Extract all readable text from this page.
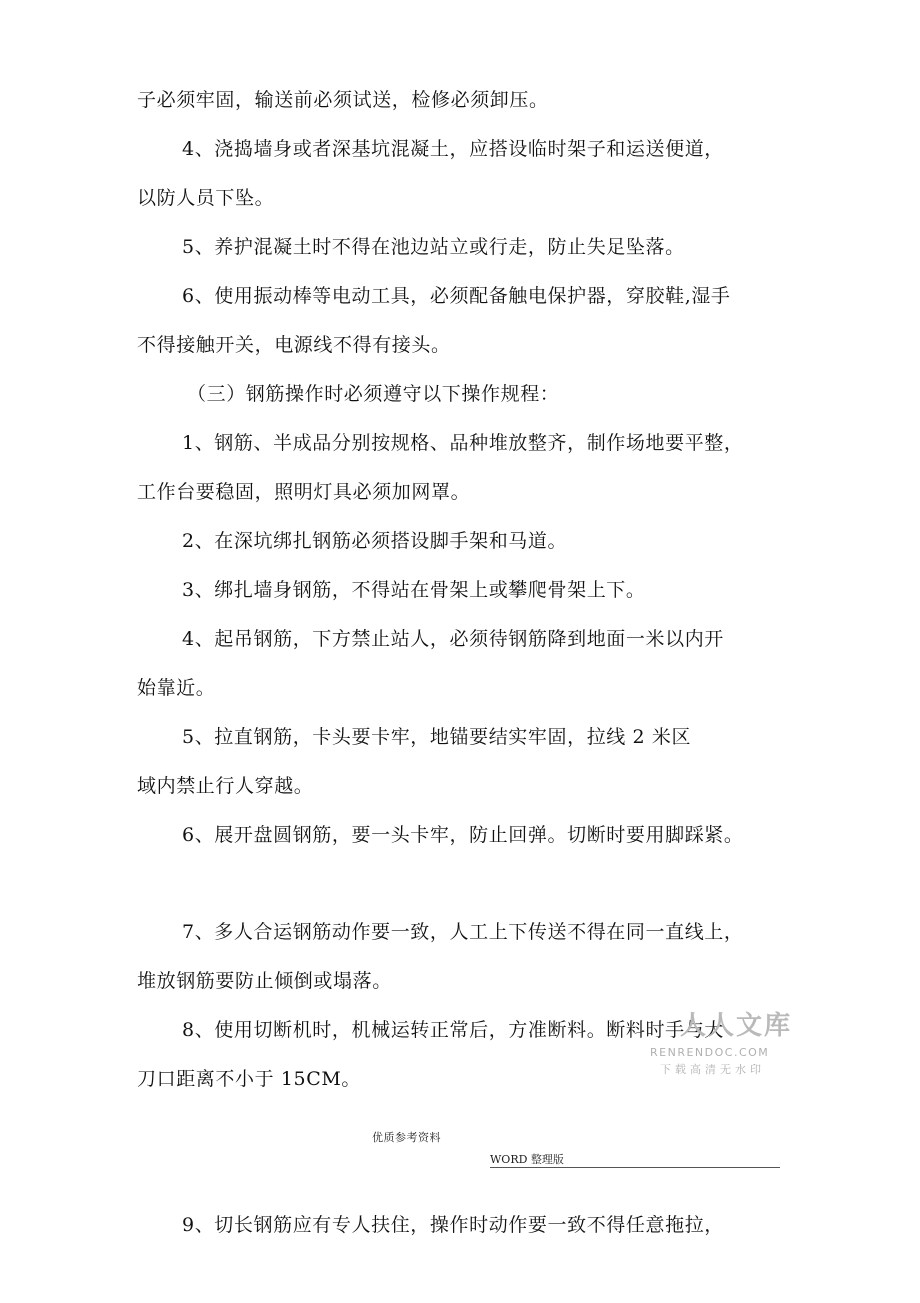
子必须牢固，输送前必须试送，检修必须卸压。
4、浇捣墙身或者深基坑混凝土，应搭设临时架子和运送便道，
以防人员下坠。
5、养护混凝土时不得在池边站立或行走，防止失足坠落。
6、使用振动棒等电动工具，必须配备触电保护器，穿胶鞋,湿手
不得接触开关，电源线不得有接头。
（三）钢筋操作时必须遵守以下操作规程：
1、钢筋、半成品分别按规格、品种堆放整齐，制作场地要平整，
工作台要稳固，照明灯具必须加网罩。
2、在深坑绑扎钢筋必须搭设脚手架和马道。
3、绑扎墙身钢筋，不得站在骨架上或攀爬骨架上下。
4、起吊钢筋，下方禁止站人，必须待钢筋降到地面一米以内开
始靠近。
5、拉直钢筋，卡头要卡牢，地锚要结实牢固，拉线 2 米区
域内禁止行人穿越。
6、展开盘圆钢筋，要一头卡牢，防止回弹。切断时要用脚踩紧。
7、多人合运钢筋动作要一致，人工上下传送不得在同一直线上，
堆放钢筋要防止倾倒或塌落。
8、使用切断机时，机械运转正常后，方准断料。断料时手与大
刀口距离不小于 15CM。
9、切长钢筋应有专人扶住，操作时动作要一致不得任意拖拉，
优质参考资料
WORD 整理版
人人文库
RENRENDOC.COM
下载高清无水印
